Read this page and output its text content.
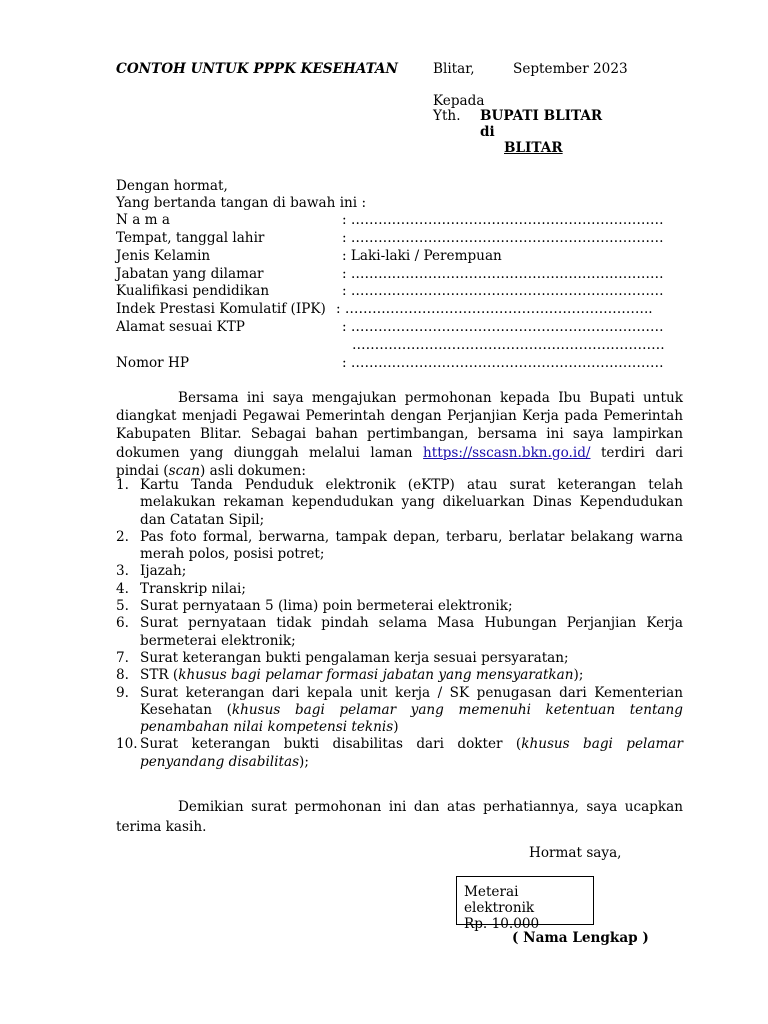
CONTOH UNTUK PPPK KESEHATAN	Blitar,	September 2023
Kepada
Yth. BUPATI BLITAR
di
BLITAR
Dengan hormat,
Yang bertanda tangan di bawah ini :
N a m a	: ……………………………………………………………
Tempat, tanggal lahir	: ……………………………………………………………
Jenis Kelamin	: Laki-laki / Perempuan
Jabatan yang dilamar	: ……………………………………………………………
Kualifikasi pendidikan	: ……………………………………………………………
Indek Prestasi Komulatif (IPK) : …………………………………………………………..
Alamat sesuai KTP	: ……………………………………………………………
……………………………………………………………
Nomor HP	: ……………………………………………………………
Bersama ini saya mengajukan permohonan kepada Ibu Bupati untuk diangkat menjadi Pegawai Pemerintah dengan Perjanjian Kerja pada Pemerintah Kabupaten Blitar. Sebagai bahan pertimbangan, bersama ini saya lampirkan dokumen yang diunggah melalui laman https://sscasn.bkn.go.id/ terdiri dari pindai (scan) asli dokumen:
1. Kartu Tanda Penduduk elektronik (eKTP) atau surat keterangan telah melakukan rekaman kependudukan yang dikeluarkan Dinas Kependudukan dan Catatan Sipil;
2. Pas foto formal, berwarna, tampak depan, terbaru, berlatar belakang warna merah polos, posisi potret;
3. Ijazah;
4. Transkrip nilai;
5. Surat pernyataan 5 (lima) poin bermeterai elektronik;
6. Surat pernyataan tidak pindah selama Masa Hubungan Perjanjian Kerja bermeterai elektronik;
7. Surat keterangan bukti pengalaman kerja sesuai persyaratan;
8. STR (khusus bagi pelamar formasi jabatan yang mensyaratkan);
9. Surat keterangan dari kepala unit kerja / SK penugasan dari Kementerian Kesehatan (khusus bagi pelamar yang memenuhi ketentuan tentang penambahan nilai kompetensi teknis)
10. Surat keterangan bukti disabilitas dari dokter (khusus bagi pelamar penyandang disabilitas);
Demikian surat permohonan ini dan atas perhatiannya, saya ucapkan terima kasih.
Hormat saya,
Meterai elektronik
Rp. 10.000
( Nama Lengkap )
